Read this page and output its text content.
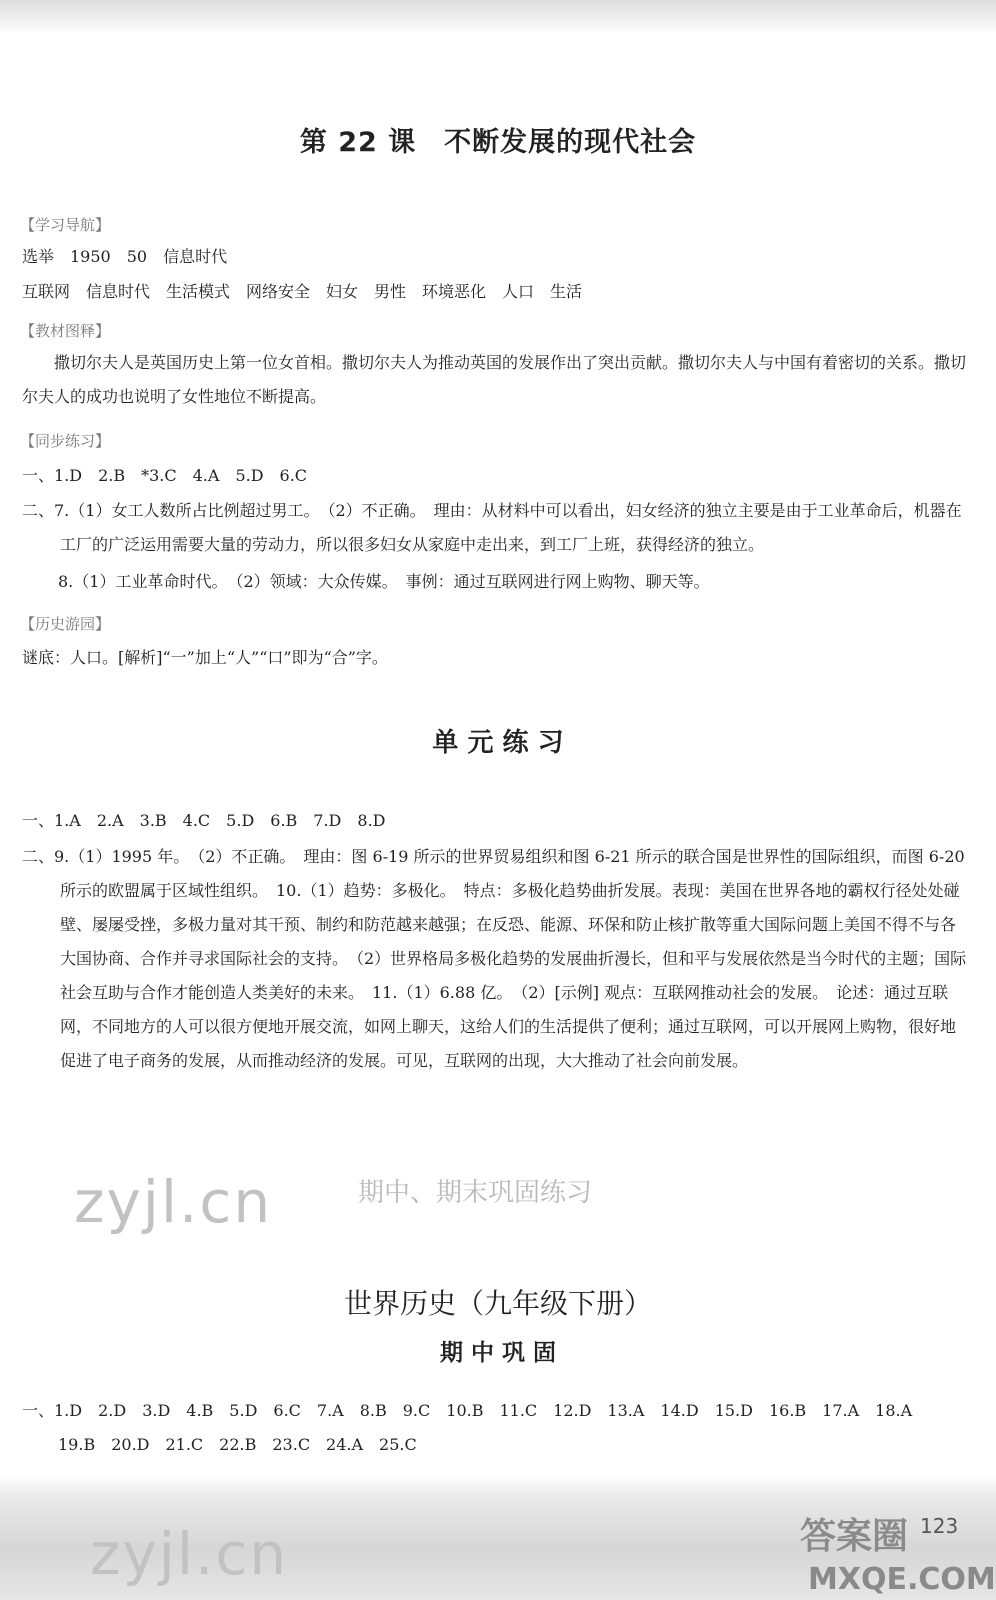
第 22 课　不断发展的现代社会
【学习导航】
选举　1950　50　信息时代
互联网　信息时代　生活模式　网络安全　妇女　男性　环境恶化　人口　生活
【教材图释】
撒切尔夫人是英国历史上第一位女首相。撒切尔夫人为推动英国的发展作出了突出贡献。撒切尔夫人与中国有着密切的关系。撒切尔夫人的成功也说明了女性地位不断提高。
【同步练习】
一、1.D　2.B　*3.C　4.A　5.D　6.C
二、7.（1）女工人数所占比例超过男工。　（2）不正确。　理由：从材料中可以看出，妇女经济的独立主要是由于工业革命后，机器在工厂的广泛运用需要大量的劳动力，所以很多妇女从家庭中走出来，到工厂上班，获得经济的独立。
8.（1）工业革命时代。　（2）领域：大众传媒。　事例：通过互联网进行网上购物、聊天等。
【历史游园】
谜底：人口。[解析]“一”加上“人”“口”即为“合”字。
单 元 练 习
一、1.A　2.A　3.B　4.C　5.D　6.B　7.D　8.D
二、9.（1）1995 年。　（2）不正确。　理由：图 6-19 所示的世界贸易组织和图 6-21 所示的联合国是世界性的国际组织，而图 6-20 所示的欧盟属于区域性组织。　10.（1）趋势：多极化。　特点：多极化趋势曲折发展。表现：美国在世界各地的霸权行径处处碰壁、屡屡受挫，多极力量对其干预、制约和防范越来越强；在反恐、能源、环保和防止核扩散等重大国际问题上美国不得不与各大国协商、合作并寻求国际社会的支持。　（2）世界格局多极化趋势的发展曲折漫长，但和平与发展依然是当今时代的主题；国际社会互助与合作才能创造人类美好的未来。　11.（1）6.88 亿。　（2）[示例] 观点：互联网推动社会的发展。　论述：通过互联网，不同地方的人可以很方便地开展交流，如网上聊天，这给人们的生活提供了便利；通过互联网，可以开展网上购物，很好地促进了电子商务的发展，从而推动经济的发展。可见，互联网的出现，大大推动了社会向前发展。
zyjl.cn	期中、期末巩固练习
世界历史（九年级下册）
期 中 巩 固
一、1.D　2.D　3.D　4.B　5.D　6.C　7.A　8.B　9.C　10.B　11.C　12.D　13.A　14.D　15.D　16.B　17.A　18.A
19.B　20.D　21.C　22.B　23.C　24.A　25.C
zyjl.cn	答案圈
MXQE.COM
123
